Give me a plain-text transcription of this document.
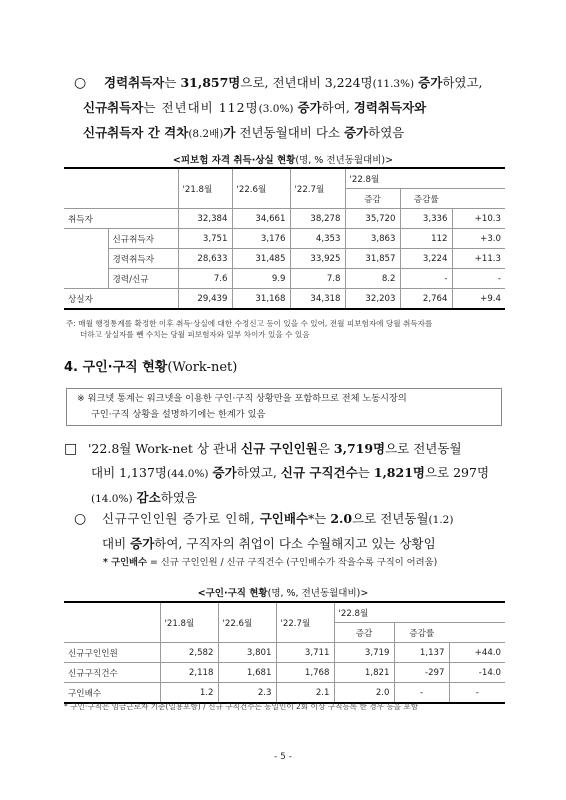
○ 경력취득자는 31,857명으로, 전년대비 3,224명(11.3%) 증가하였고,
신규취득자는 전년대비 112명(3.0%) 증가하여, 경력취득자와
신규취득자 간 격차(8.2배)가 전년동월대비 다소 증가하였음
<피보험 자격 취득·상실 현황(명, % 전년동월대비)>
		'21.8월	'22.6월	'22.7월	'22.8월		
					증감	증감률
취득자		32,384	34,661	38,278	35,720	3,336	+10.3
	신규취득자	3,751	3,176	4,353	3,863	112	+3.0
	경력취득자	28,633	31,485	33,925	31,857	3,224	+11.3
	경력/신규	7.6	9.9	7.8	8.2	-	-
상실자		29,439	31,168	34,318	32,203	2,764	+9.4
주: 매월 행정통계를 확정한 이후 취득·상실에 대한 수정신고 등이 있을 수 있어, 전월 피보험자에 당월 취득자를
더하고 상실자를 뺀 수치는 당월 피보험자와 일부 차이가 있을 수 있음
4. 구인·구직 현황(Work-net)
※ 워크넷 통계는 워크넷을 이용한 구인·구직 상황만을 포함하므로 전체 노동시장의
구인·구직 상황을 설명하기에는 한계가 있음
□ '22.8월 Work-net 상 관내 신규 구인인원은 3,719명으로 전년동월
대비 1,137명(44.0%) 증가하였고, 신규 구직건수는 1,821명으로 297명
(14.0%) 감소하였음
○ 신규구인인원 증가로 인해, 구인배수*는 2.0으로 전년동월(1.2)
대비 증가하여, 구직자의 취업이 다소 수월해지고 있는 상황임
* 구인배수 = 신규 구인인원 / 신규 구직건수 (구인배수가 작을수록 구직이 어려움)
<구인·구직 현황(명, %, 전년동월대비)>
	'21.8월	'22.6월	'22.7월	'22.8월		
				증감	증감률
신규구인인원	2,582	3,801	3,711	3,719	1,137	+44.0
신규구직건수	2,118	1,681	1,768	1,821	-297	-14.0
구인배수	1.2	2.3	2.1	2.0	-	-
* 구인·구직은 임금근로자 기준(일용포함) / 신규 구직건수는 동일인이 2회 이상 구직등록 한 경우 등을 포함
- 5 -
